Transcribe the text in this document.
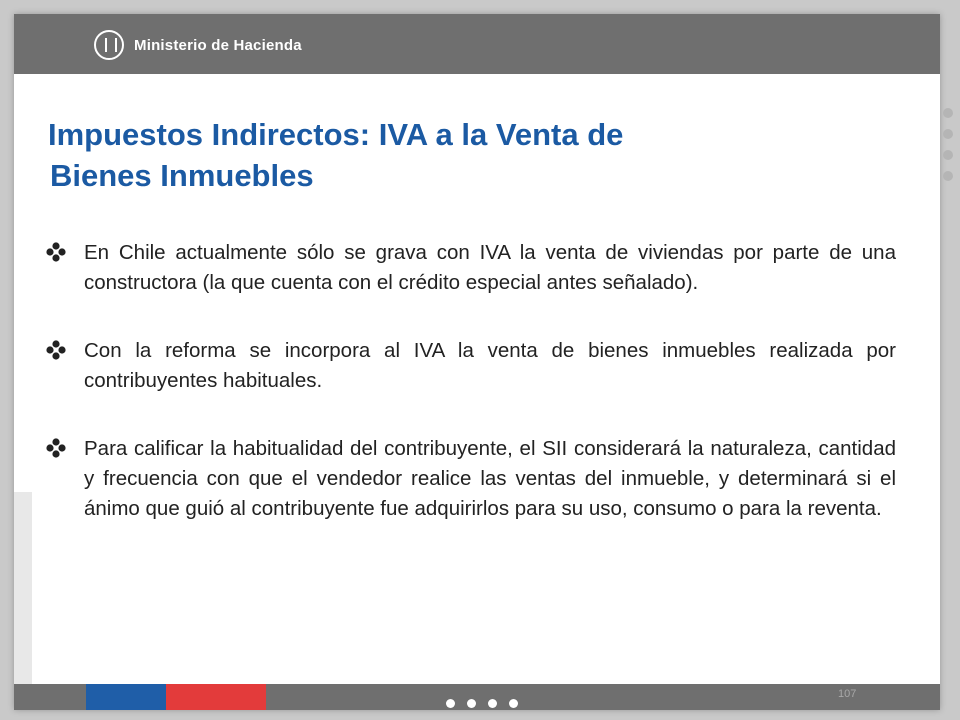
Ministerio de Hacienda
Impuestos Indirectos: IVA a la Venta de
Bienes Inmuebles
En Chile actualmente sólo se grava con IVA la venta de viviendas por parte de una constructora (la que cuenta con el crédito especial antes señalado).
Con la reforma se incorpora al IVA la venta de bienes inmuebles realizada por contribuyentes habituales.
Para calificar la habitualidad del contribuyente, el SII considerará la naturaleza, cantidad y frecuencia con que el vendedor realice las ventas del inmueble, y determinará si el ánimo que guió al contribuyente fue adquirirlos para su uso, consumo o para la reventa.
107
